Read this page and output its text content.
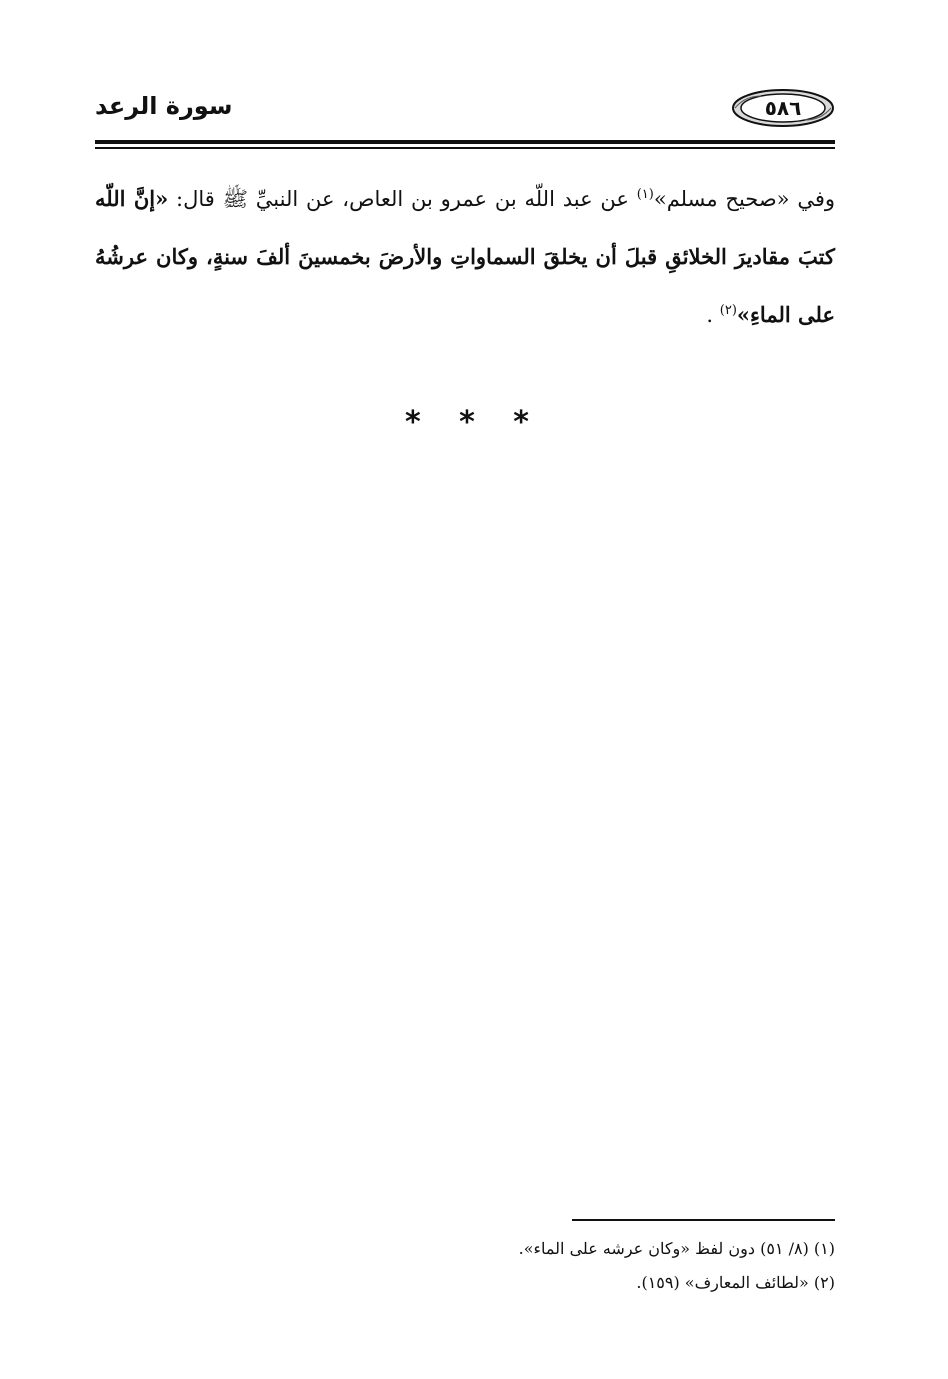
سورة الرعد	٥٨٦
وفي «صحيح مسلم»$^{(١)}$ عن عبد اللّه بن عمرو بن العاص، عن النبيِّ ﷺ قال: «إنَّ اللّه كتبَ مقاديرَ الخلائقِ قبلَ أن يخلقَ السماواتِ والأرضَ بخمسينَ ألفَ سنةٍ، وكان عرشُهُ على الماءِ»$^{(٢)}$ .
* * *
(١) (٨/ ٥١) دون لفظ «وكان عرشه على الماء».
(٢) «لطائف المعارف» (١٥٩).
